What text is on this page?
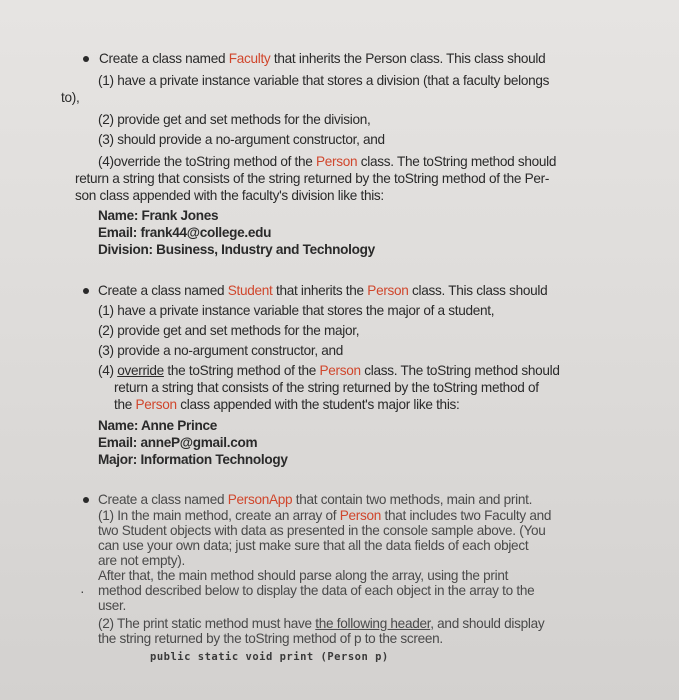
Create a class named Faculty that inherits the Person class. This class should

(1) have a private instance variable that stores a division (that a faculty belongs

to),

(2) provide get and set methods for the division,

(3) should provide a no-argument constructor, and

(4)override the toString method of the Person class. The toString method should

return a string that consists of the string returned by the toString method of the Per-

son class appended with the faculty's division like this:

Name: Frank Jones

Email: frank44@college.edu

Division: Business, Industry and Technology

Create a class named Student that inherits the Person class. This class should

(1) have a private instance variable that stores the major of a student,

(2) provide get and set methods for the major,

(3) provide a no-argument constructor, and

(4) override the toString method of the Person class. The toString method should

return a string that consists of the string returned by the toString method of

the Person class appended with the student's major like this:

Name: Anne Prince

Email: anneP@gmail.com

Major: Information Technology

Create a class named PersonApp that contain two methods, main and print.

(1) In the main method, create an array of Person that includes two Faculty and

two Student objects with data as presented in the console sample above. (You

can use your own data; just make sure that all the data fields of each object

are not empty).

After that, the main method should parse along the array, using the print

· method described below to display the data of each object in the array to the

user.

(2) The print static method must have the following header, and should display

the string returned by the toString method of p to the screen.

public static void print (Person p)
